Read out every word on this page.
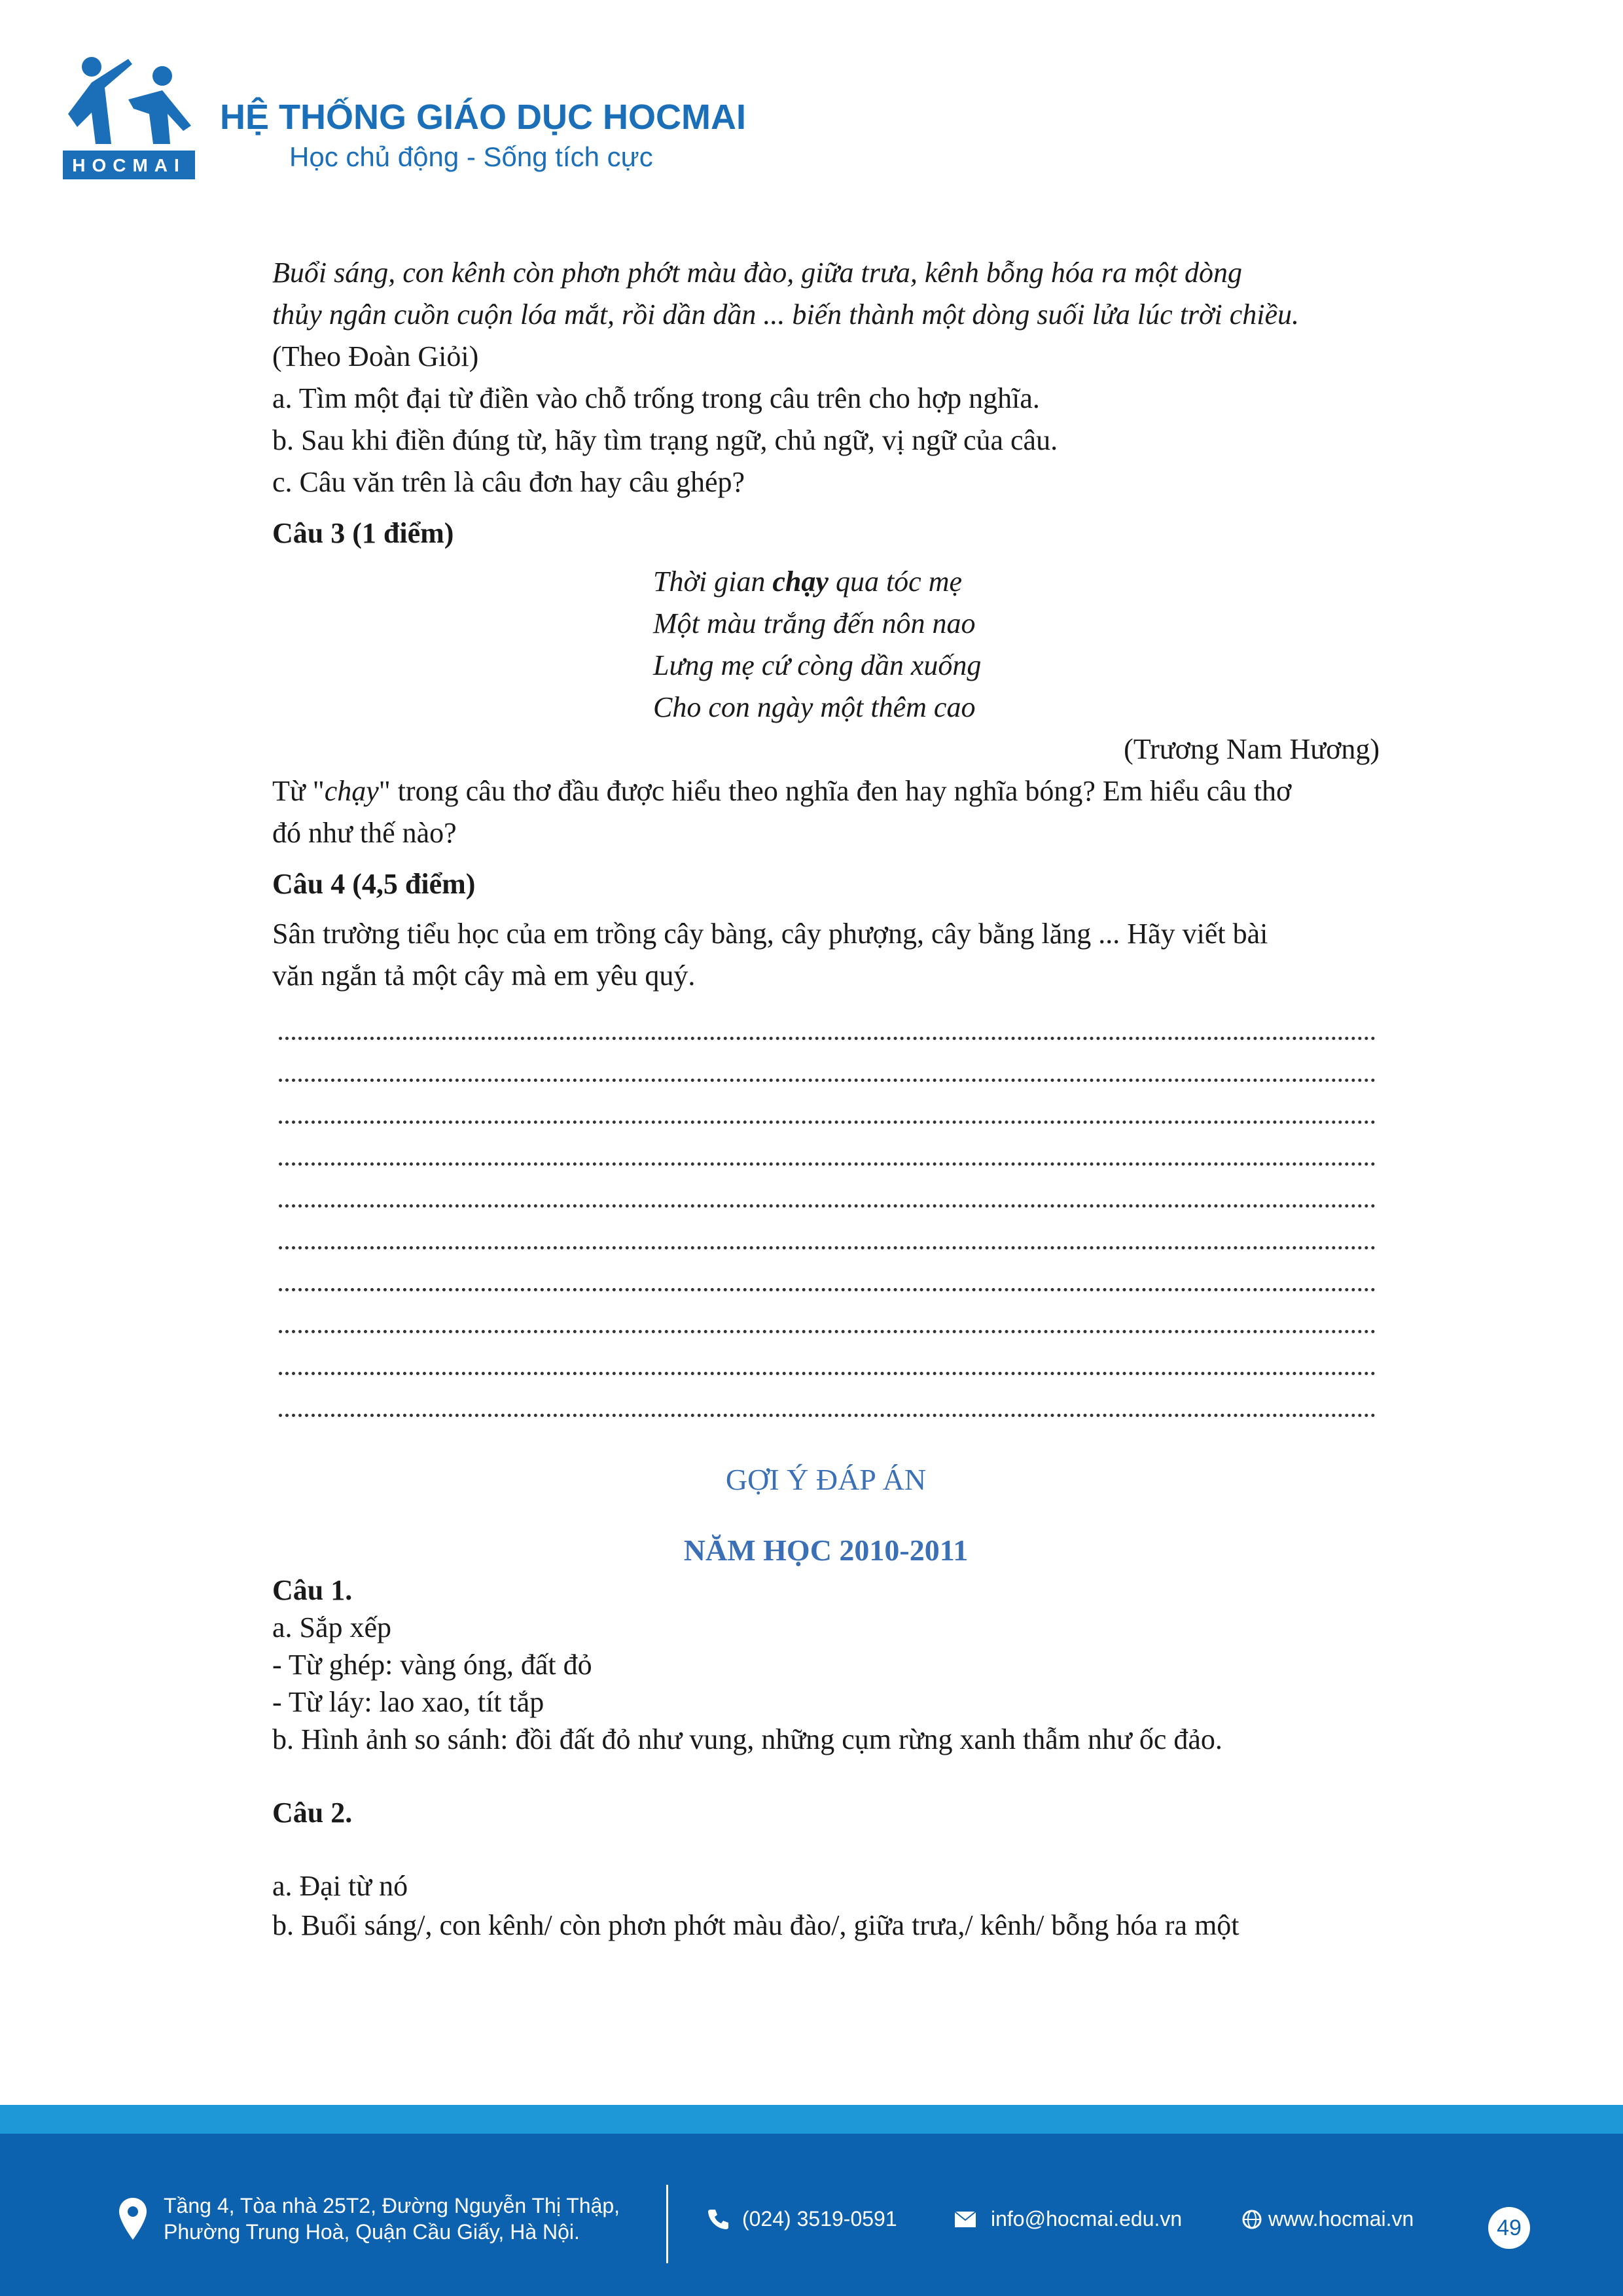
HOCMAI
HỆ THỐNG GIÁO DỤC HOCMAI
Học chủ động - Sống tích cực
Buổi sáng, con kênh còn phơn phớt màu đào, giữa trưa, kênh bỗng hóa ra một dòng
thủy ngân cuồn cuộn lóa mắt, rồi dần dần ... biến thành một dòng suối lửa lúc trời chiều.
(Theo Đoàn Giỏi)
a. Tìm một đại từ điền vào chỗ trống trong câu trên cho hợp nghĩa.
b. Sau khi điền đúng từ, hãy tìm trạng ngữ, chủ ngữ, vị ngữ của câu.
c. Câu văn trên là câu đơn hay câu ghép?
Câu 3 (1 điểm)
Thời gian chạy qua tóc mẹ
Một màu trắng đến nôn nao
Lưng mẹ cứ còng dần xuống
Cho con ngày một thêm cao
(Trương Nam Hương)
Từ "chạy" trong câu thơ đầu được hiểu theo nghĩa đen hay nghĩa bóng? Em hiểu câu thơ
đó như thế nào?
Câu 4 (4,5 điểm)
Sân trường tiểu học của em trồng cây bàng, cây phượng, cây bằng lăng ... Hãy viết bài
văn ngắn tả một cây mà em yêu quý.
GỢI Ý ĐÁP ÁN
NĂM HỌC 2010-2011
Câu 1.
a. Sắp xếp
- Từ ghép: vàng óng, đất đỏ
- Từ láy: lao xao, tít tắp
b. Hình ảnh so sánh: đồi đất đỏ như vung, những cụm rừng xanh thẫm như ốc đảo.
Câu 2.
a. Đại từ nó
b. Buổi sáng/, con kênh/ còn phơn phớt màu đào/, giữa trưa,/ kênh/ bỗng hóa ra một
Tầng 4, Tòa nhà 25T2, Đường Nguyễn Thị Thập,
Phường Trung Hoà, Quận Cầu Giấy, Hà Nội.
(024) 3519-0591	info@hocmai.edu.vn	www.hocmai.vn	49
